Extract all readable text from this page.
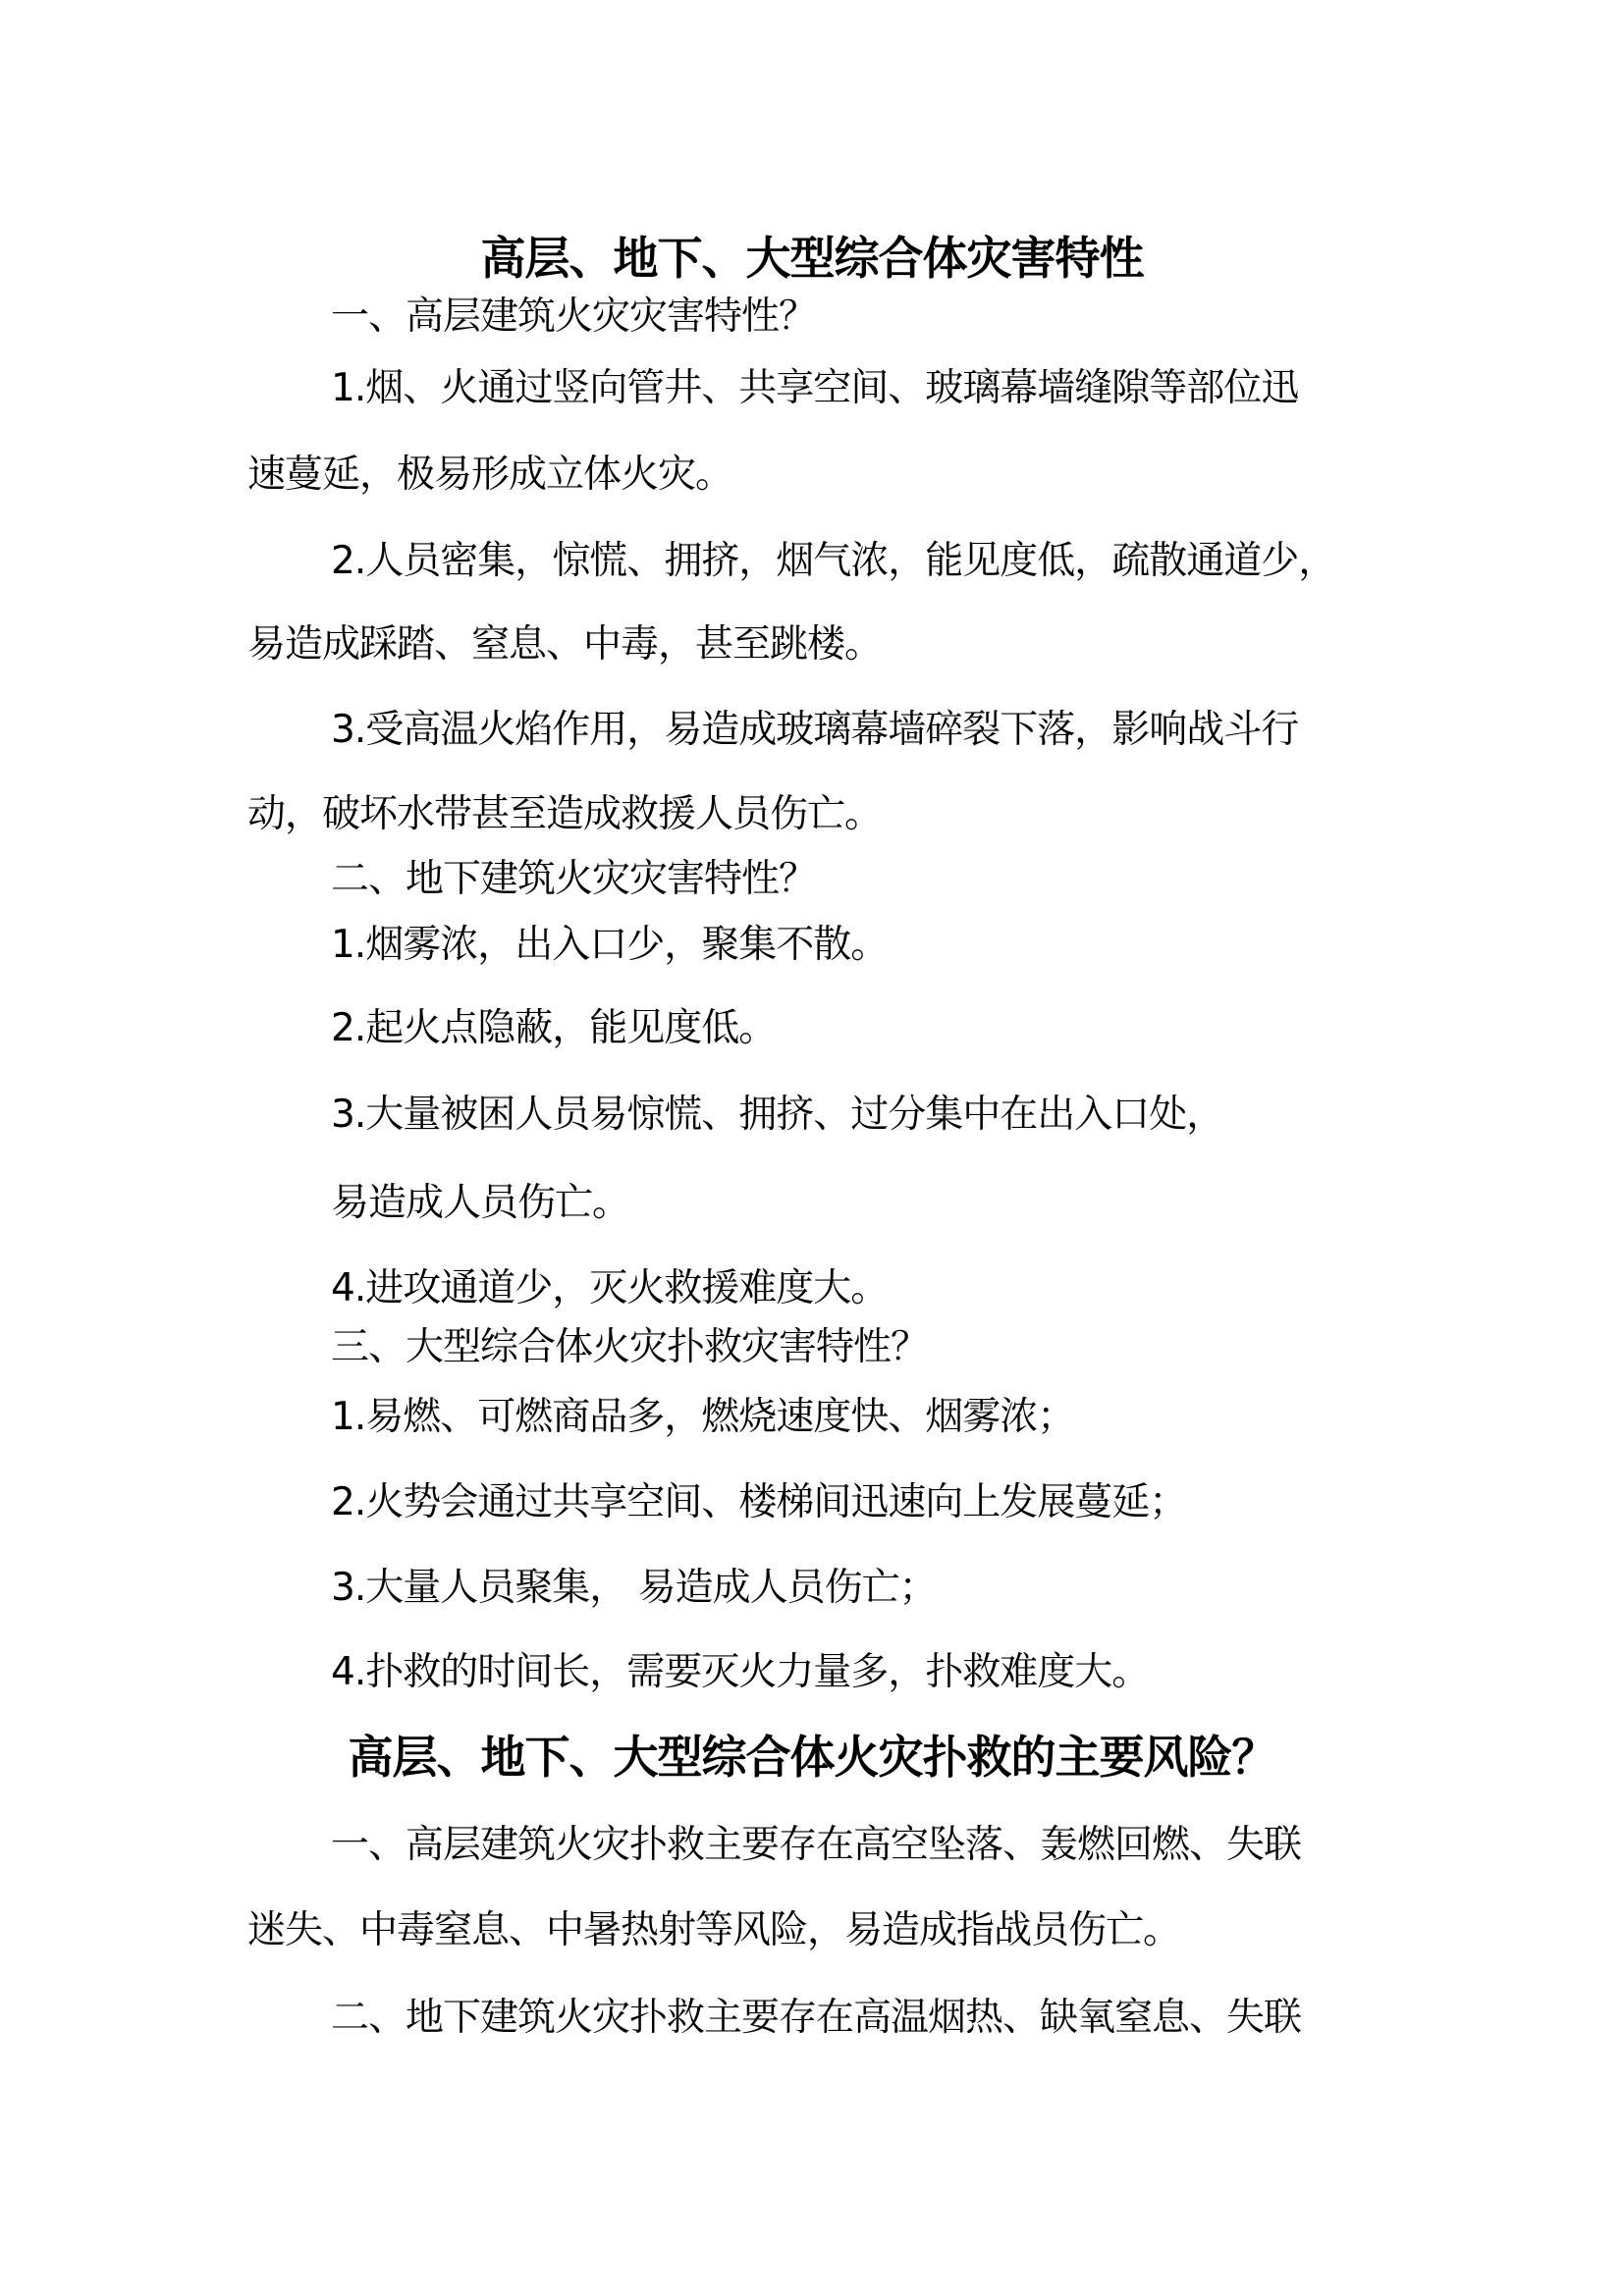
高层、地下、大型综合体灾害特性
一、高层建筑火灾灾害特性？
1.烟、火通过竖向管井、共享空间、玻璃幕墙缝隙等部位迅
速蔓延，极易形成立体火灾。
2.人员密集，惊慌、拥挤，烟气浓，能见度低，疏散通道少，
易造成踩踏、窒息、中毒，甚至跳楼。
3.受高温火焰作用，易造成玻璃幕墙碎裂下落，影响战斗行
动，破坏水带甚至造成救援人员伤亡。
二、地下建筑火灾灾害特性？
1.烟雾浓，出入口少，聚集不散。
2.起火点隐蔽，能见度低。
3.大量被困人员易惊慌、拥挤、过分集中在出入口处，
易造成人员伤亡。
4.进攻通道少，灭火救援难度大。
三、大型综合体火灾扑救灾害特性？
1.易燃、可燃商品多，燃烧速度快、烟雾浓；
2.火势会通过共享空间、楼梯间迅速向上发展蔓延；
3.大量人员聚集， 易造成人员伤亡；
4.扑救的时间长，需要灭火力量多，扑救难度大。
高层、地下、大型综合体火灾扑救的主要风险？
一、高层建筑火灾扑救主要存在高空坠落、轰燃回燃、失联
迷失、中毒窒息、中暑热射等风险，易造成指战员伤亡。
二、地下建筑火灾扑救主要存在高温烟热、缺氧窒息、失联
